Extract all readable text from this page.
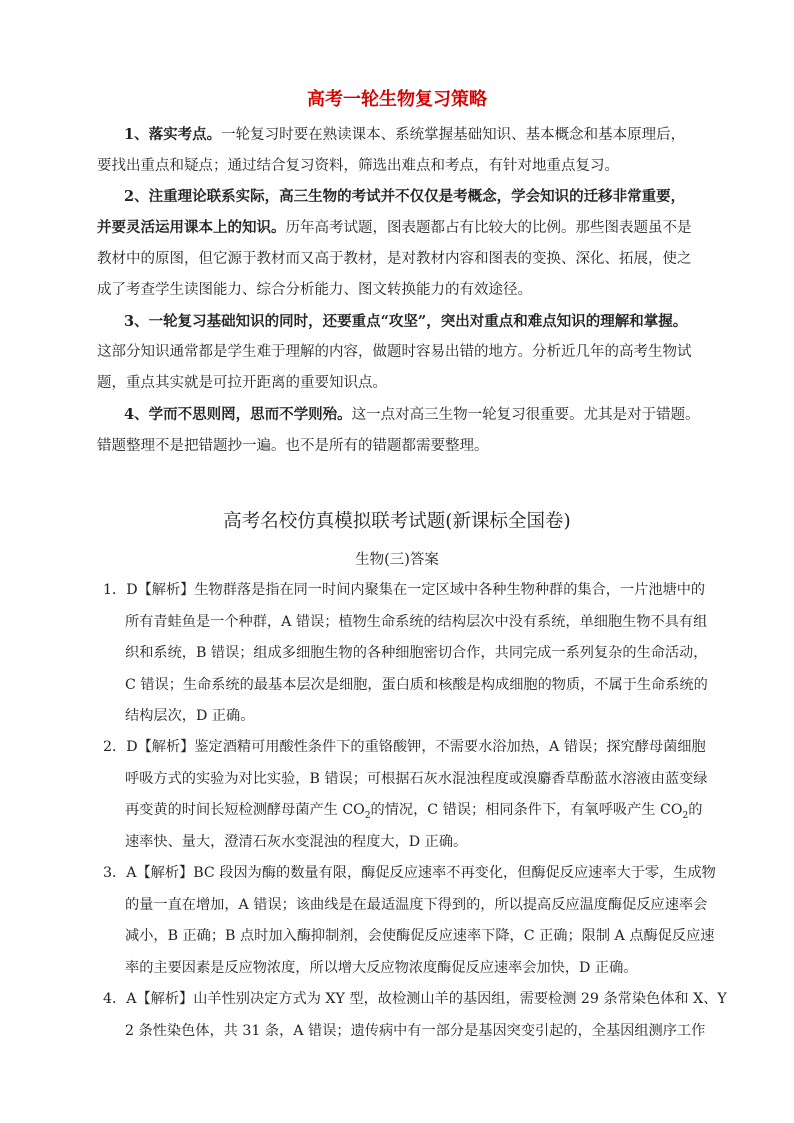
高考一轮生物复习策略
1、落实考点。一轮复习时要在熟读课本、系统掌握基础知识、基本概念和基本原理后，
要找出重点和疑点；通过结合复习资料，筛选出难点和考点，有针对地重点复习。
2、注重理论联系实际，高三生物的考试并不仅仅是考概念，学会知识的迁移非常重要，
并要灵活运用课本上的知识。历年高考试题，图表题都占有比较大的比例。那些图表题虽不是
教材中的原图，但它源于教材而又高于教材，是对教材内容和图表的变换、深化、拓展，使之
成了考查学生读图能力、综合分析能力、图文转换能力的有效途径。
3、一轮复习基础知识的同时，还要重点“攻坚”，突出对重点和难点知识的理解和掌握。
这部分知识通常都是学生难于理解的内容，做题时容易出错的地方。分析近几年的高考生物试
题，重点其实就是可拉开距离的重要知识点。
4、学而不思则罔，思而不学则殆。这一点对高三生物一轮复习很重要。尤其是对于错题。
错题整理不是把错题抄一遍。也不是所有的错题都需要整理。
高考名校仿真模拟联考试题(新课标全国卷)
生物(三)答案
1．D【解析】生物群落是指在同一时间内聚集在一定区域中各种生物种群的集合，一片池塘中的
所有青蛙鱼是一个种群，A 错误；植物生命系统的结构层次中没有系统，单细胞生物不具有组
织和系统，B 错误；组成多细胞生物的各种细胞密切合作，共同完成一系列复杂的生命活动，
C 错误；生命系统的最基本层次是细胞，蛋白质和核酸是构成细胞的物质，不属于生命系统的
结构层次，D 正确。
2．D【解析】鉴定酒精可用酸性条件下的重铬酸钾，不需要水浴加热，A 错误；探究酵母菌细胞
呼吸方式的实验为对比实验，B 错误；可根据石灰水混浊程度或溴麝香草酚蓝水溶液由蓝变绿
再变黄的时间长短检测酵母菌产生 $CO_2$的情况，C 错误；相同条件下，有氧呼吸产生 $CO_2$的
速率快、量大，澄清石灰水变混浊的程度大，D 正确。
3．A【解析】BC 段因为酶的数量有限，酶促反应速率不再变化，但酶促反应速率大于零，生成物
的量一直在增加，A 错误；该曲线是在最适温度下得到的，所以提高反应温度酶促反应速率会
减小，B 正确；B 点时加入酶抑制剂，会使酶促反应速率下降，C 正确；限制 A 点酶促反应速
率的主要因素是反应物浓度，所以增大反应物浓度酶促反应速率会加快，D 正确。
4．A【解析】山羊性别决定方式为 XY 型，故检测山羊的基因组，需要检测 29 条常染色体和 X、Y
2 条性染色体，共 31 条，A 错误；遗传病中有一部分是基因突变引起的，全基因组测序工作
